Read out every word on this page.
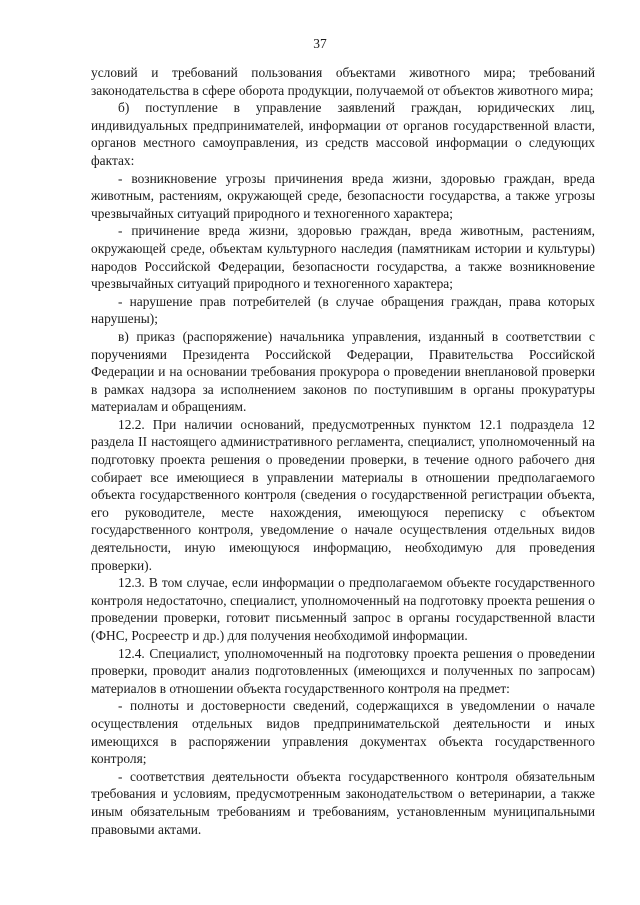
37

условий и требований пользования объектами животного мира; требований законодательства в сфере оборота продукции, получаемой от объектов животного мира;

б) поступление в управление заявлений граждан, юридических лиц, индивидуальных предпринимателей, информации от органов государственной власти, органов местного самоуправления, из средств массовой информации о следующих фактах:

- возникновение угрозы причинения вреда жизни, здоровью граждан, вреда животным, растениям, окружающей среде, безопасности государства, а также угрозы чрезвычайных ситуаций природного и техногенного характера;

- причинение вреда жизни, здоровью граждан, вреда животным, растениям, окружающей среде, объектам культурного наследия (памятникам истории и культуры) народов Российской Федерации, безопасности государства, а также возникновение чрезвычайных ситуаций природного и техногенного характера;

- нарушение прав потребителей (в случае обращения граждан, права которых нарушены);

в) приказ (распоряжение) начальника управления, изданный в соответствии с поручениями Президента Российской Федерации, Правительства Российской Федерации и на основании требования прокурора о проведении внеплановой проверки в рамках надзора за исполнением законов по поступившим в органы прокуратуры материалам и обращениям.

12.2. При наличии оснований, предусмотренных пунктом 12.1 подраздела 12 раздела II настоящего административного регламента, специалист, уполномоченный на подготовку проекта решения о проведении проверки, в течение одного рабочего дня собирает все имеющиеся в управлении материалы в отношении предполагаемого объекта государственного контроля (сведения о государственной регистрации объекта, его руководителе, месте нахождения, имеющуюся переписку с объектом государственного контроля, уведомление о начале осуществления отдельных видов деятельности, иную имеющуюся информацию, необходимую для проведения проверки).

12.3. В том случае, если информации о предполагаемом объекте государственного контроля недостаточно, специалист, уполномоченный на подготовку проекта решения о проведении проверки, готовит письменный запрос в органы государственной власти (ФНС, Росреестр и др.) для получения необходимой информации.

12.4. Специалист, уполномоченный на подготовку проекта решения о проведении проверки, проводит анализ подготовленных (имеющихся и полученных по запросам) материалов в отношении объекта государственного контроля на предмет:

- полноты и достоверности сведений, содержащихся в уведомлении о начале осуществления отдельных видов предпринимательской деятельности и иных имеющихся в распоряжении управления документах объекта государственного контроля;

- соответствия деятельности объекта государственного контроля обязательным требования и условиям, предусмотренным законодательством о ветеринарии, а также иным обязательным требованиям и требованиям, установленным муниципальными правовыми актами.
